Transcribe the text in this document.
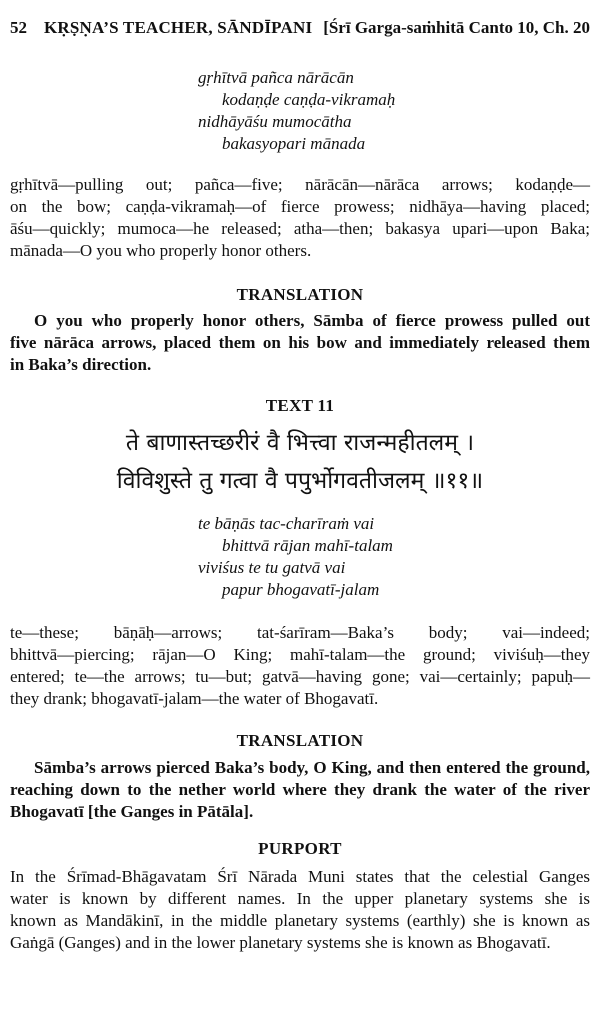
52	KṚṢṆA’S TEACHER, SĀNDĪPANI [Śrī Garga-saṁhitā Canto 10, Ch. 20
gṛhītvā pañca nārācān
kodaṇḍe caṇḍa-vikramaḥ
nidhāyāśu mumocātha
bakasyopari mānada
gṛhītvā—pulling out; pañca—five; nārācān—nārāca arrows; kodaṇḍe—
on the bow; caṇḍa-vikramaḥ—of fierce prowess; nidhāya—having placed;
āśu—quickly; mumoca—he released; atha—then; bakasya upari—upon Baka;
mānada—O you who properly honor others.
TRANSLATION
O you who properly honor others, Sāmba of fierce prowess pulled out
five nārāca arrows, placed them on his bow and immediately released them
in Baka’s direction.
TEXT 11
ते बाणास्तच्छरीरं वै भित्त्वा राजन्महीतलम् ।
विविशुस्ते तु गत्वा वै पपुर्भोगवतीजलम् ॥११॥
te bāṇās tac-charīraṁ vai
bhittvā rājan mahī-talam
viviśus te tu gatvā vai
papur bhogavatī-jalam
te—these; bāṇāḥ—arrows; tat-śarīram—Baka’s body; vai—indeed;
bhittvā—piercing; rājan—O King; mahī-talam—the ground; viviśuḥ—they
entered; te—the arrows; tu—but; gatvā—having gone; vai—certainly; papuḥ—
they drank; bhogavatī-jalam—the water of Bhogavatī.
TRANSLATION
Sāmba’s arrows pierced Baka’s body, O King, and then entered the ground,
reaching down to the nether world where they drank the water of the river
Bhogavatī [the Ganges in Pātāla].
PURPORT
In the Śrīmad-Bhāgavatam Śrī Nārada Muni states that the celestial Ganges
water is known by different names. In the upper planetary systems she is
known as Mandākinī, in the middle planetary systems (earthly) she is known as
Gaṅgā (Ganges) and in the lower planetary systems she is known as Bhogavatī.
